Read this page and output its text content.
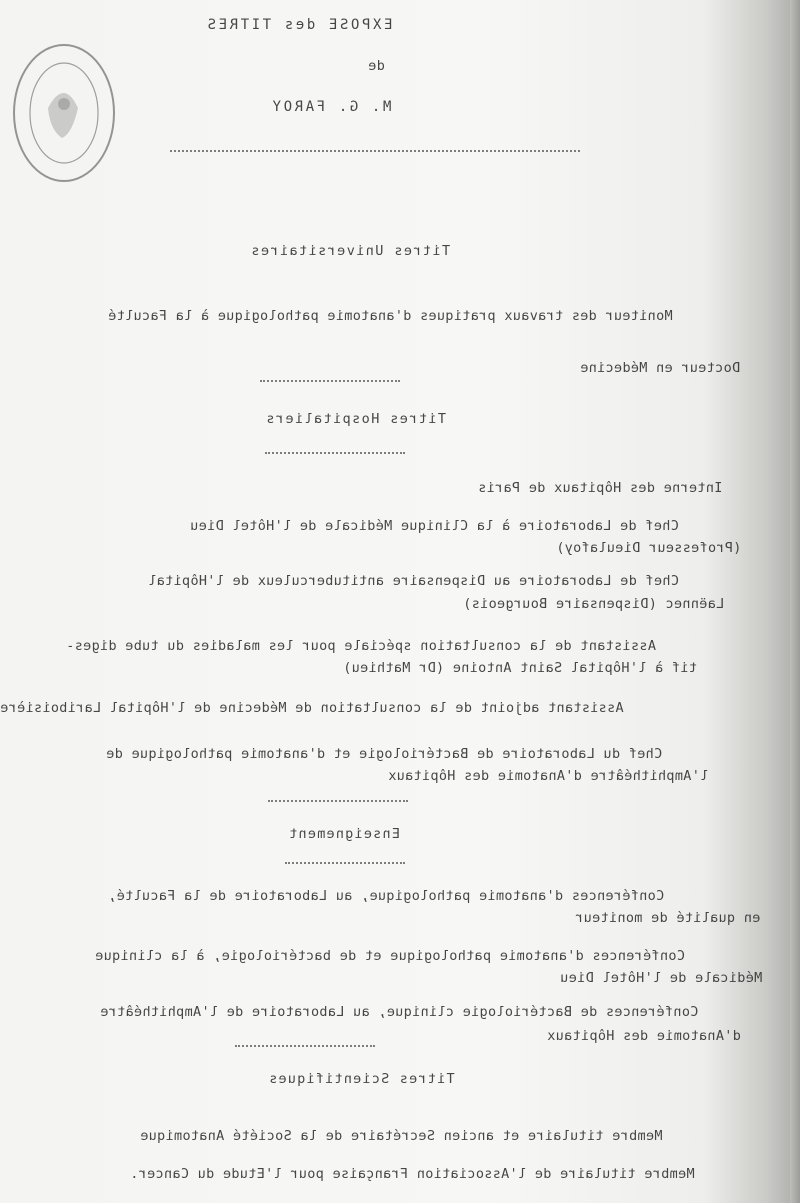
EXPOSE des TITRES
de
M. G. FAROY
Titres Universitaires
Moniteur des travaux pratiques d'anatomie pathologique à la Faculté
Docteur en Médecine
Titres Hospitaliers
Interne des Hôpitaux de Paris
Chef de Laboratoire à la Clinique Médicale de l'Hôtel Dieu
(Professeur Dieulafoy)
Chef de Laboratoire au Dispensaire antituberculeux de l'Hôpital
Laënnec (Dispensaire Bourgeois)
Assistant de la consultation spéciale pour les maladies du tube diges-
tif à l'Hôpital Saint Antoine (Dr Mathieu)
Assistant adjoint de la consultation de Médecine de l'Hôpital Lariboisière
Chef du Laboratoire de Bactériologie et d'anatomie pathologique de
l'Amphithéâtre d'Anatomie des Hôpitaux
Enseignement
Conférences d'anatomie pathologique, au Laboratoire de la Faculté,
en qualité de moniteur
Conférences d'anatomie pathologique et de bactériologie, à la clinique
Médicale de l'Hôtel Dieu
Conférences de Bactériologie clinique, au Laboratoire de l'Amphithéâtre
d'Anatomie des Hôpitaux
Titres Scientifiques
Membre titulaire et ancien Secrétaire de la Société Anatomique
Membre titulaire de l'Association Française pour l'Etude du Cancer.
